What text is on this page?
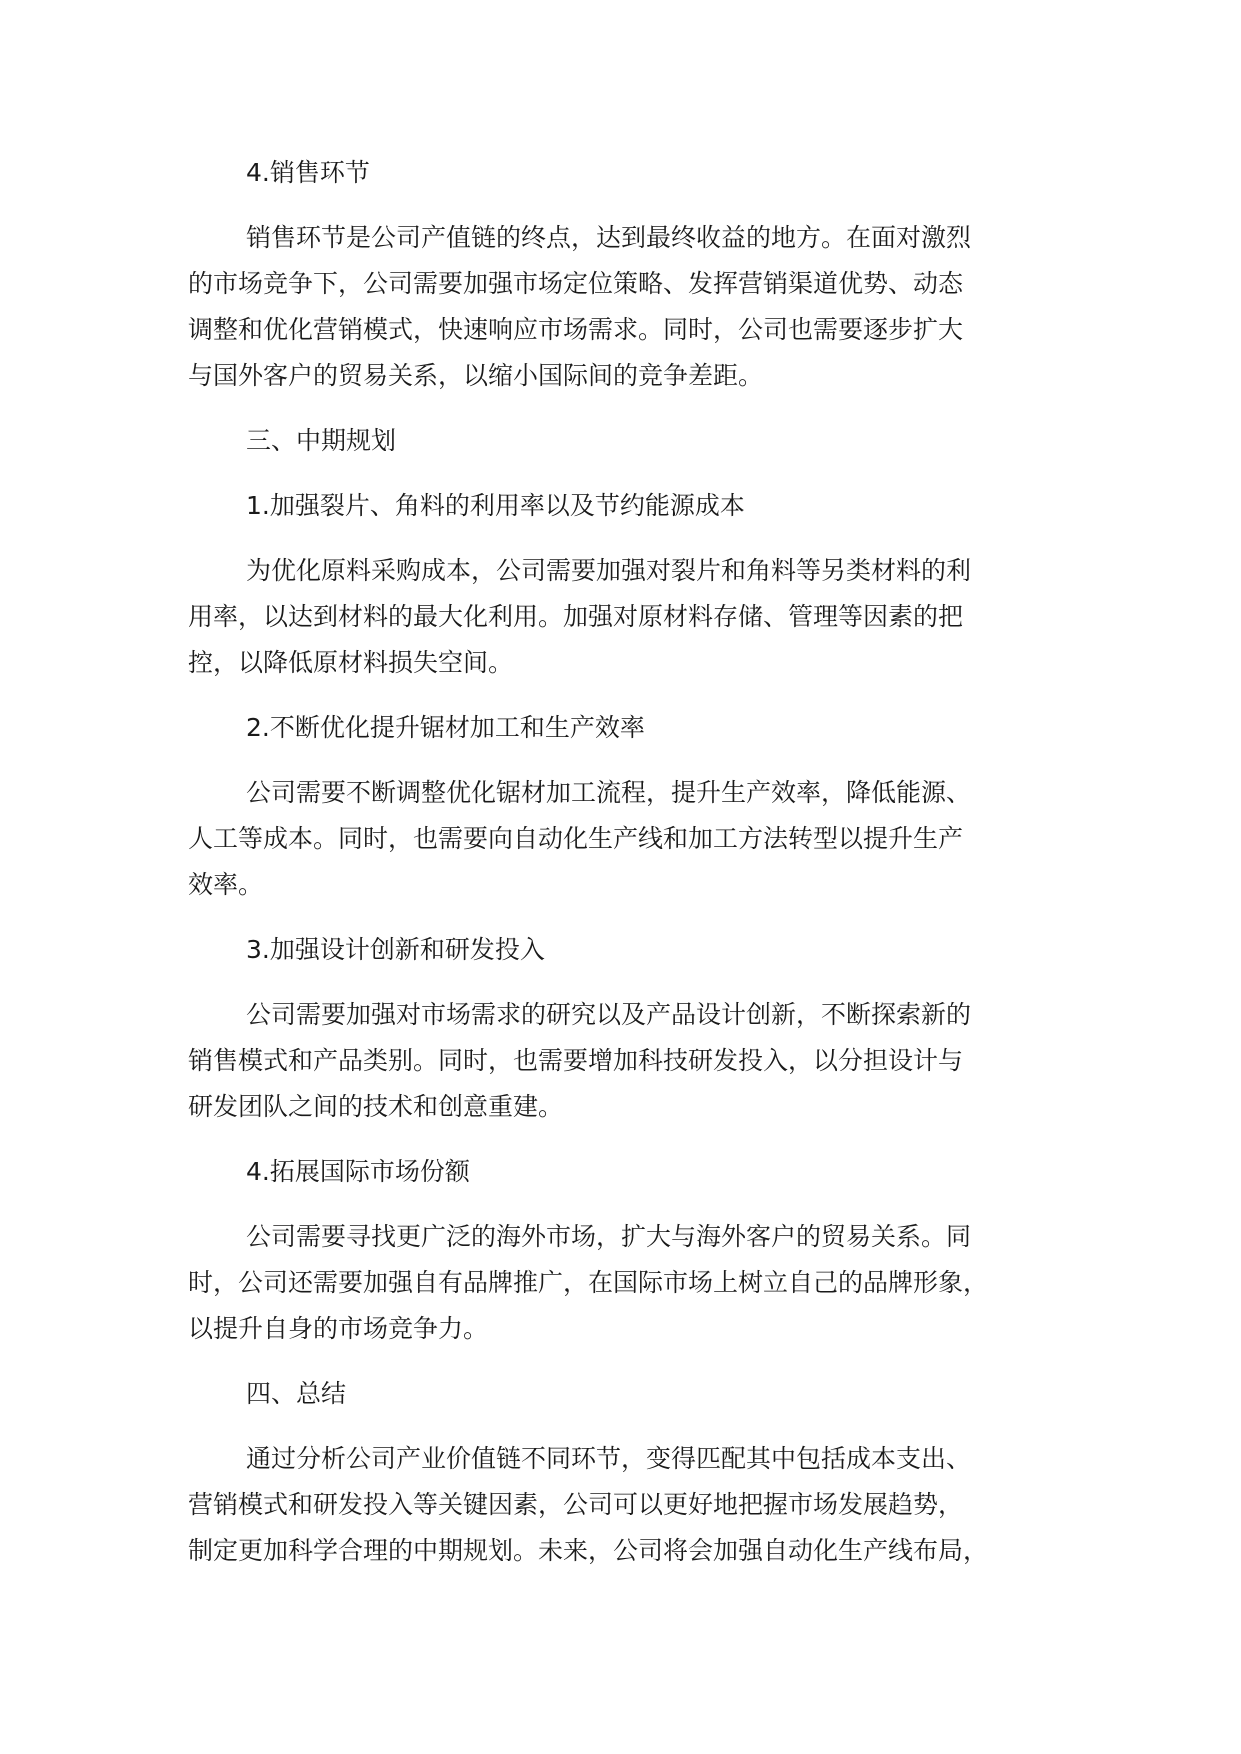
4.销售环节
销售环节是公司产值链的终点，达到最终收益的地方。在面对激烈
的市场竞争下，公司需要加强市场定位策略、发挥营销渠道优势、动态
调整和优化营销模式，快速响应市场需求。同时，公司也需要逐步扩大
与国外客户的贸易关系，以缩小国际间的竞争差距。
三、中期规划
1.加强裂片、角料的利用率以及节约能源成本
为优化原料采购成本，公司需要加强对裂片和角料等另类材料的利
用率，以达到材料的最大化利用。加强对原材料存储、管理等因素的把
控，以降低原材料损失空间。
2.不断优化提升锯材加工和生产效率
公司需要不断调整优化锯材加工流程，提升生产效率，降低能源、
人工等成本。同时，也需要向自动化生产线和加工方法转型以提升生产
效率。
3.加强设计创新和研发投入
公司需要加强对市场需求的研究以及产品设计创新，不断探索新的
销售模式和产品类别。同时，也需要增加科技研发投入，以分担设计与
研发团队之间的技术和创意重建。
4.拓展国际市场份额
公司需要寻找更广泛的海外市场，扩大与海外客户的贸易关系。同
时，公司还需要加强自有品牌推广，在国际市场上树立自己的品牌形象，
以提升自身的市场竞争力。
四、总结
通过分析公司产业价值链不同环节，变得匹配其中包括成本支出、
营销模式和研发投入等关键因素，公司可以更好地把握市场发展趋势，
制定更加科学合理的中期规划。未来，公司将会加强自动化生产线布局，
